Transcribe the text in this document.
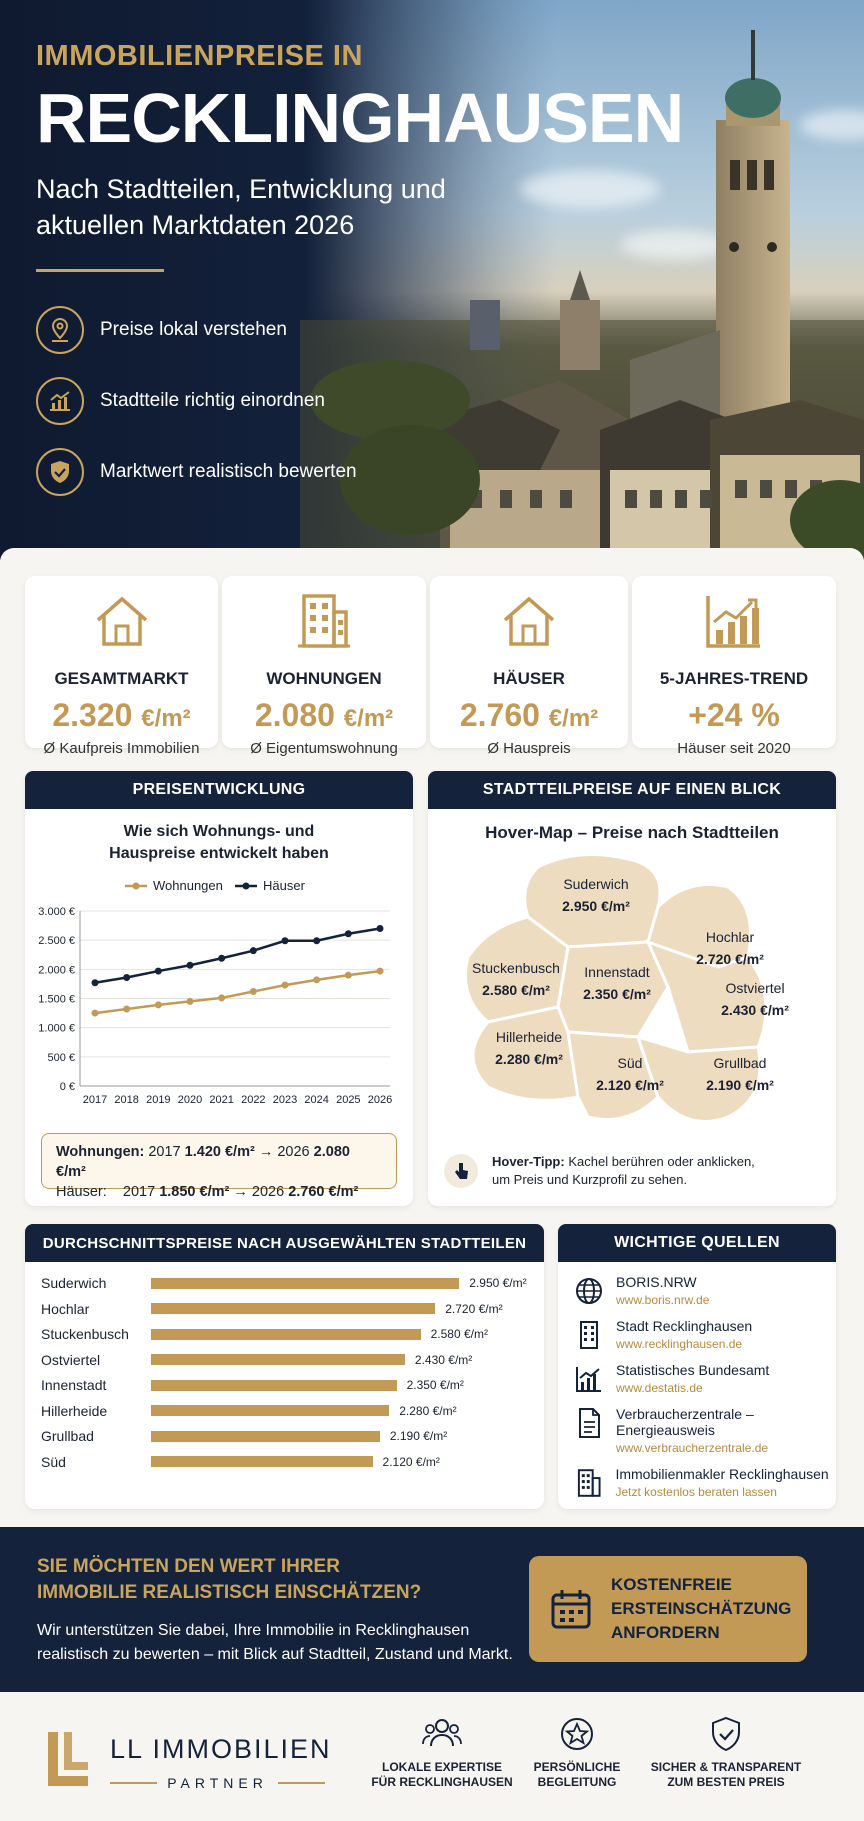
IMMOBILIENPREISE IN
RECKLINGHAUSEN
Nach Stadtteilen, Entwicklung und aktuellen Marktdaten 2026
Preise lokal verstehen
Stadtteile richtig einordnen
Marktwert realistisch bewerten
GESAMTMARKT
2.320 €/m²
Ø Kaufpreis Immobilien
WOHNUNGEN
2.080 €/m²
Ø Eigentumswohnung
HÄUSER
2.760 €/m²
Ø Hauspreis
5-JAHRES-TREND
+24 %
Häuser seit 2020
PREISENTWICKLUNG
Wie sich Wohnungs- und
Hauspreise entwickelt haben
0 €
500 €
1.000 €
1.500 €
2.000 €
2.500 €
3.000 €
2017 2018 2019 2020 2021 2022 2023 2024 2025 2026
Wohnungen	Häuser
Wohnungen: 2017 1.420 €/m² → 2026 2.080 €/m²
Häuser: 2017 1.850 €/m² → 2026 2.760 €/m²
STADTTEILPREISE AUF EINEN BLICK
Hover-Map – Preise nach Stadtteilen
Suderwich
2.950 €/m²
Hochlar
2.720 €/m²
Stuckenbusch
2.580 €/m²
Innenstadt
2.350 €/m²	Ostviertel
2.430 €/m²
Hillerheide
2.280 €/m²	Süd
2.120 €/m²
Grullbad
2.190 €/m²
Hover-Tipp: Kachel berühren oder anklicken,
um Preis und Kurzprofil zu sehen.
DURCHSCHNITTSPREISE NACH AUSGEWÄHLTEN STADTTEILEN
Suderwich	2.950 €/m²
Hochlar	2.720 €/m²
Stuckenbusch	2.580 €/m²
Ostviertel	2.430 €/m²
Innenstadt	2.350 €/m²
Hillerheide	2.280 €/m²
Grullbad	2.190 €/m²
Süd	2.120 €/m²
WICHTIGE QUELLEN
BORIS.NRW
www.boris.nrw.de
Stadt Recklinghausen
www.recklinghausen.de
Statistisches Bundesamt
www.destatis.de
Verbraucherzentrale – Energieausweis
www.verbraucherzentrale.de
Immobilienmakler Recklinghausen
Jetzt kostenlos beraten lassen
SIE MÖCHTEN DEN WERT IHRER
IMMOBILIE REALISTISCH EINSCHÄTZEN?
Wir unterstützen Sie dabei, Ihre Immobilie in Recklinghausen
realistisch zu bewerten – mit Blick auf Stadtteil, Zustand und Markt.
KOSTENFREIE
ERSTEINSCHÄTZUNG
ANFORDERN
LL IMMOBILIEN
PARTNER
LOKALE EXPERTISE
FÜR RECKLINGHAUSEN
PERSÖNLICHE
BEGLEITUNG
SICHER & TRANSPARENT
ZUM BESTEN PREIS
